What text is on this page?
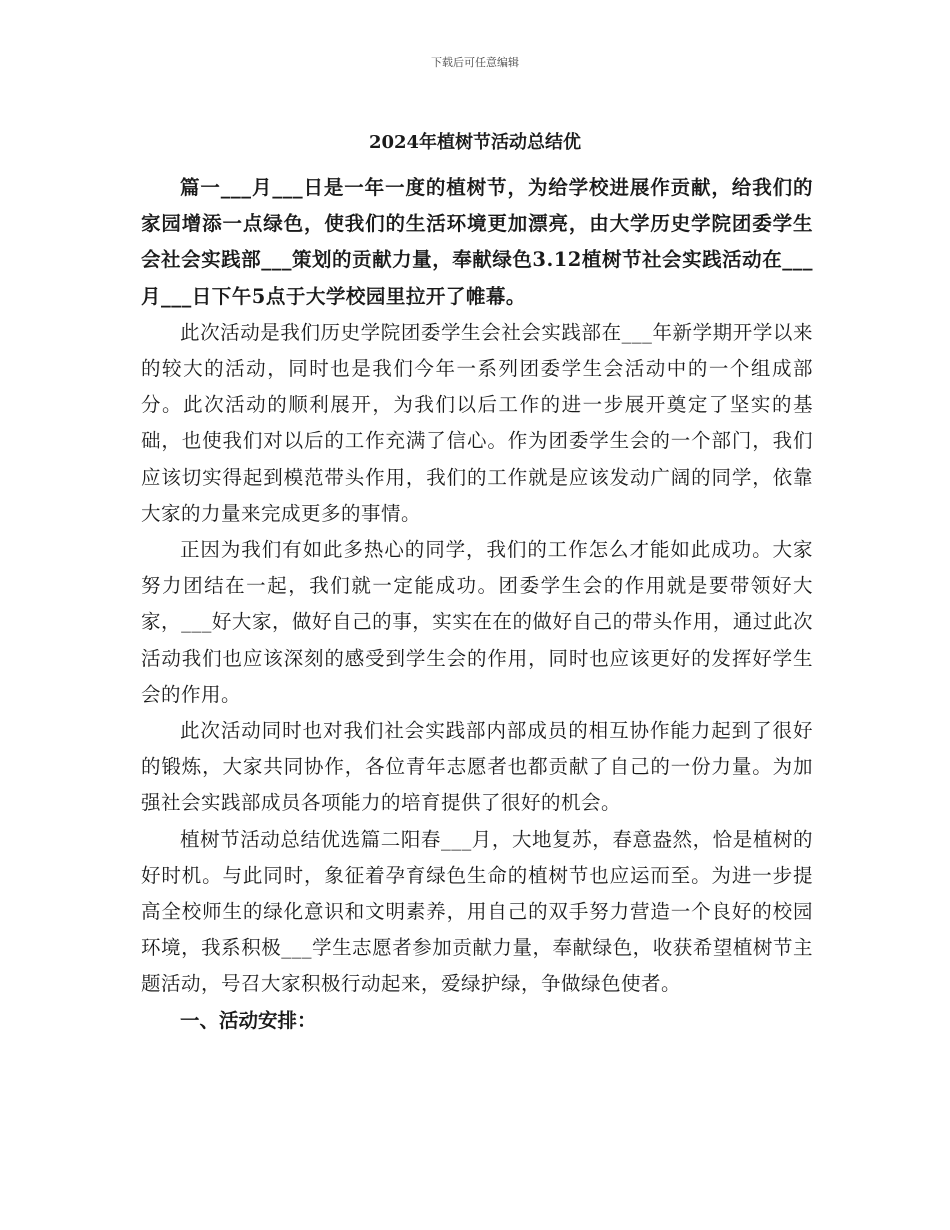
下载后可任意编辑
2024年植树节活动总结优

篇一___月___日是一年一度的植树节，为给学校进展作贡献，给我们的家园增添一点绿色，使我们的生活环境更加漂亮，由大学历史学院团委学生会社会实践部___策划的贡献力量，奉献绿色3.12植树节社会实践活动在___月___日下午5点于大学校园里拉开了帷幕。

此次活动是我们历史学院团委学生会社会实践部在___年新学期开学以来的较大的活动，同时也是我们今年一系列团委学生会活动中的一个组成部分。此次活动的顺利展开，为我们以后工作的进一步展开奠定了坚实的基础，也使我们对以后的工作充满了信心。作为团委学生会的一个部门，我们应该切实得起到模范带头作用，我们的工作就是应该发动广阔的同学，依靠大家的力量来完成更多的事情。

正因为我们有如此多热心的同学，我们的工作怎么才能如此成功。大家努力团结在一起，我们就一定能成功。团委学生会的作用就是要带领好大家，___好大家，做好自己的事，实实在在的做好自己的带头作用，通过此次活动我们也应该深刻的感受到学生会的作用，同时也应该更好的发挥好学生会的作用。

此次活动同时也对我们社会实践部内部成员的相互协作能力起到了很好的锻炼，大家共同协作，各位青年志愿者也都贡献了自己的一份力量。为加强社会实践部成员各项能力的培育提供了很好的机会。

植树节活动总结优选篇二阳春___月，大地复苏，春意盎然，恰是植树的好时机。与此同时，象征着孕育绿色生命的植树节也应运而至。为进一步提高全校师生的绿化意识和文明素养，用自己的双手努力营造一个良好的校园环境，我系积极___学生志愿者参加贡献力量，奉献绿色，收获希望植树节主题活动，号召大家积极行动起来，爱绿护绿，争做绿色使者。

一、活动安排：
